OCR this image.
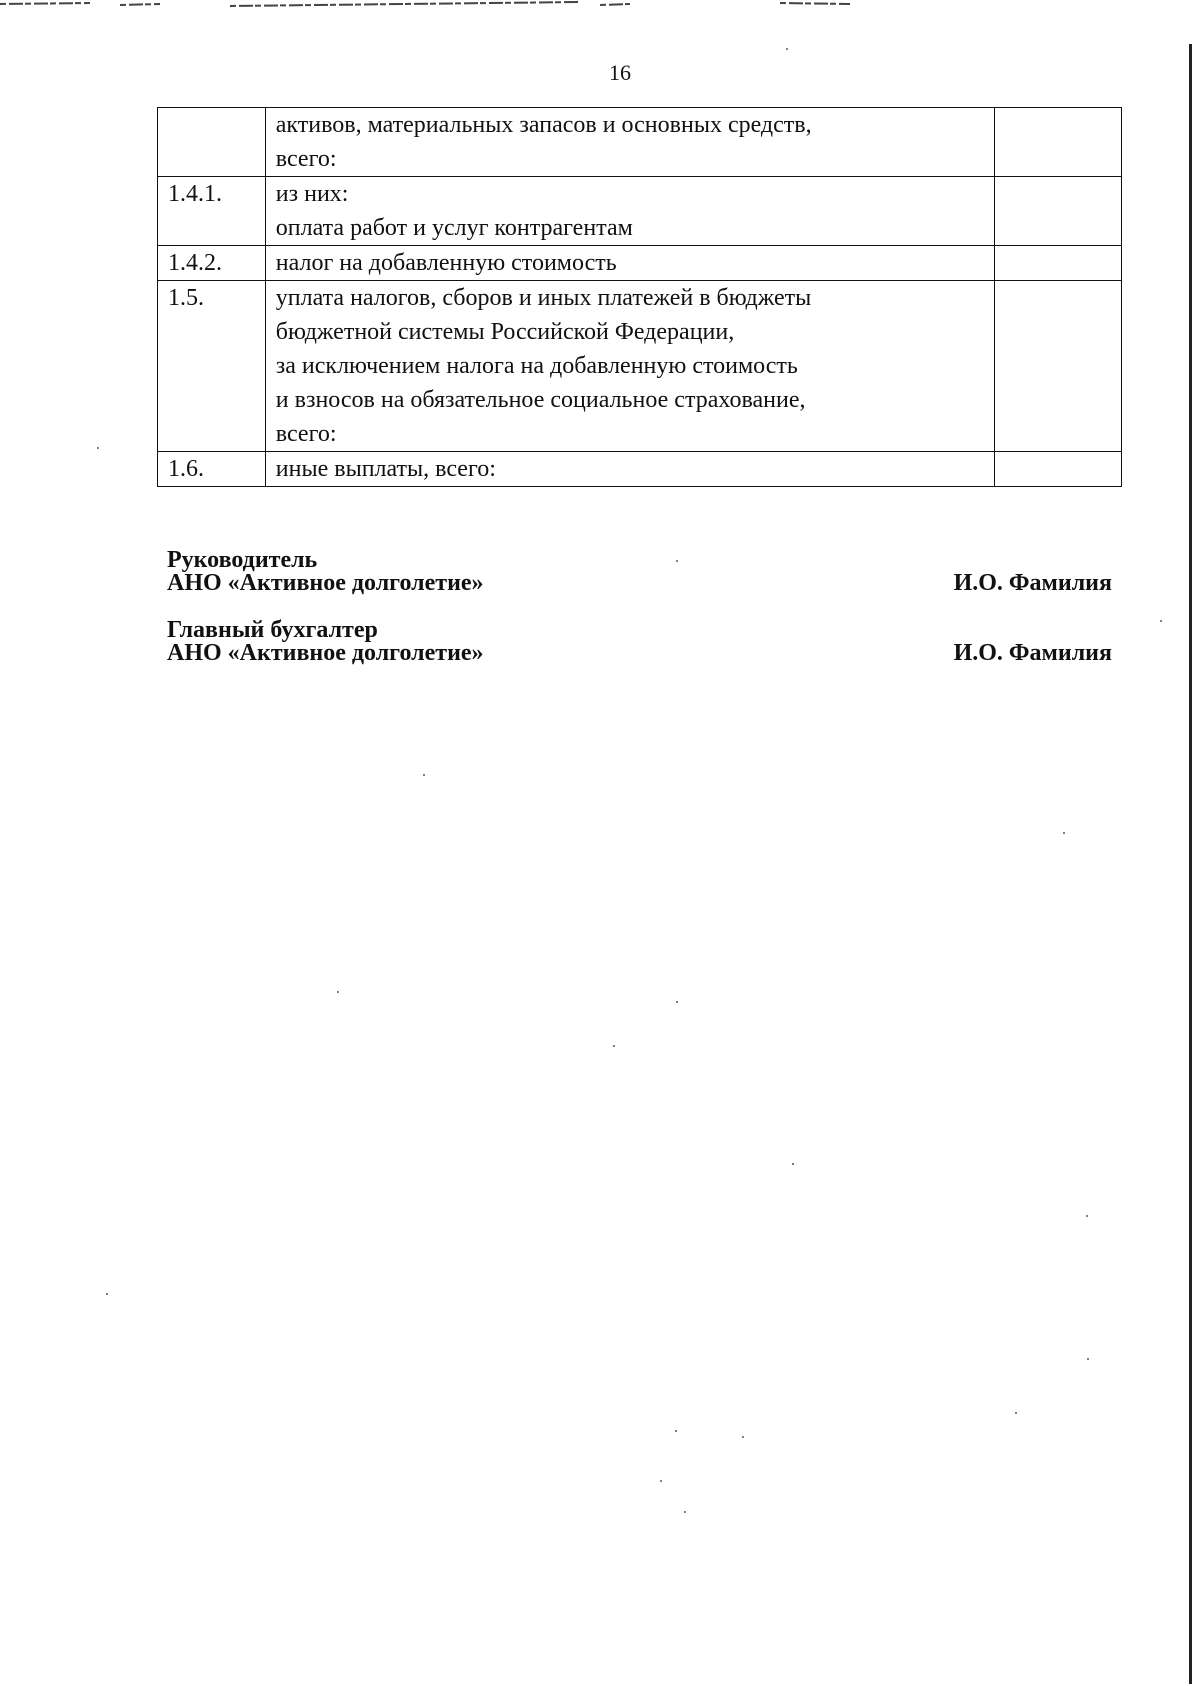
16

	активов, материальных запасов и основных средств,
всего:	

1.4.1.	из них:
оплата работ и услуг контрагентам	

1.4.2.	налог на добавленную стоимость	

1.5.	уплата налогов, сборов и иных платежей в бюджеты
бюджетной системы Российской Федерации,
за исключением налога на добавленную стоимость
и взносов на обязательное социальное страхование,
всего:	

1.6.	иные выплаты, всего:	

Руководитель
АНО «Активное долголетие»	И.О. Фамилия
Главный бухгалтер
АНО «Активное долголетие»	И.О. Фамилия
